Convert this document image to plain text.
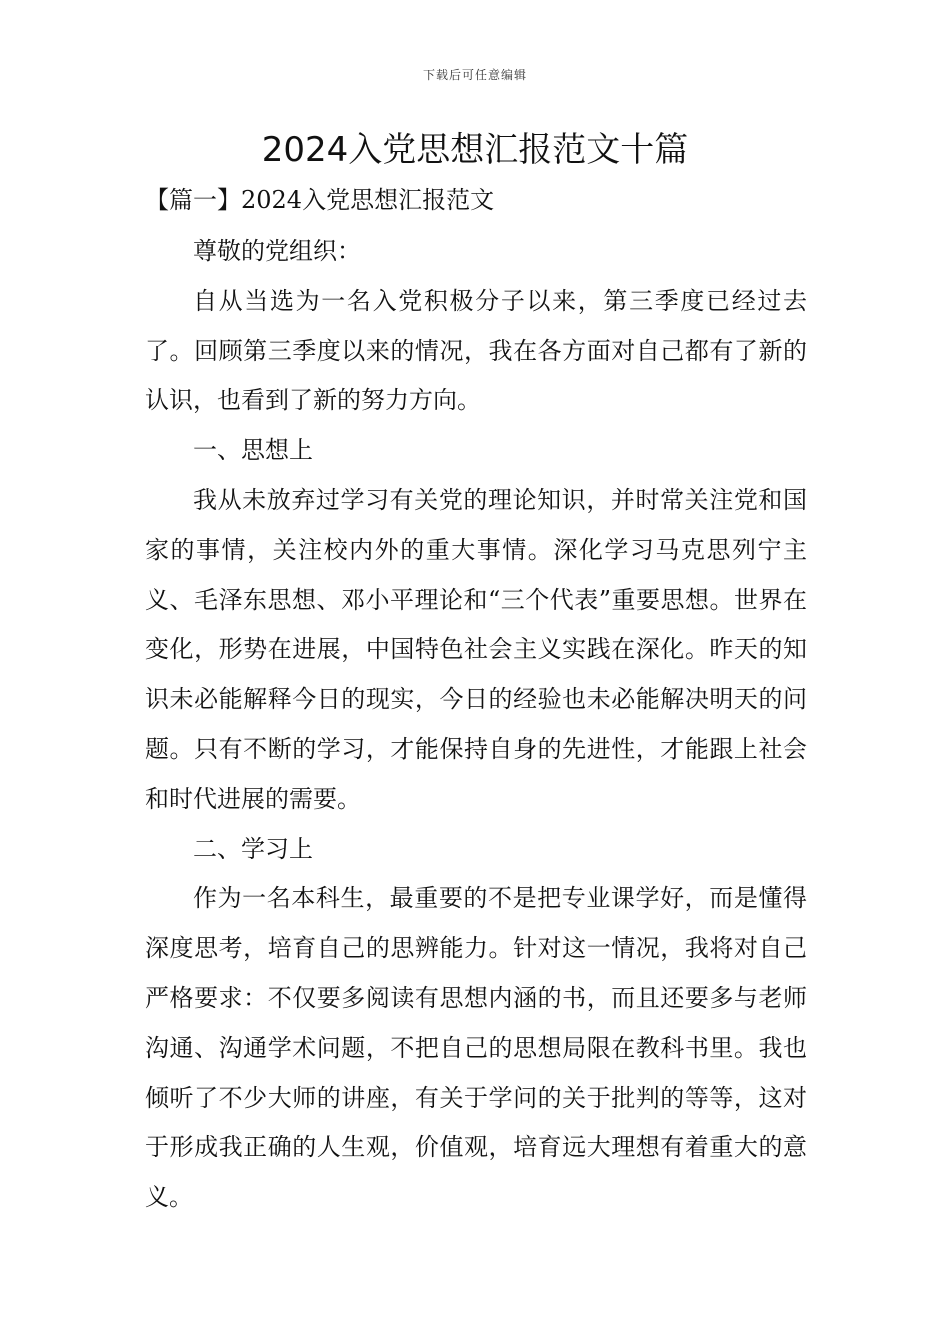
下载后可任意编辑
2024入党思想汇报范文十篇
【篇一】2024入党思想汇报范文

尊敬的党组织：

自从当选为一名入党积极分子以来，第三季度已经过去了。回顾第三季度以来的情况，我在各方面对自己都有了新的认识，也看到了新的努力方向。

一、思想上

我从未放弃过学习有关党的理论知识，并时常关注党和国家的事情，关注校内外的重大事情。深化学习马克思列宁主义、毛泽东思想、邓小平理论和“三个代表”重要思想。世界在变化，形势在进展，中国特色社会主义实践在深化。昨天的知识未必能解释今日的现实，今日的经验也未必能解决明天的问题。只有不断的学习，才能保持自身的先进性，才能跟上社会和时代进展的需要。

二、学习上

作为一名本科生，最重要的不是把专业课学好，而是懂得深度思考，培育自己的思辨能力。针对这一情况，我将对自己严格要求：不仅要多阅读有思想内涵的书，而且还要多与老师沟通、沟通学术问题，不把自己的思想局限在教科书里。我也倾听了不少大师的讲座，有关于学问的关于批判的等等，这对于形成我正确的人生观，价值观，培育远大理想有着重大的意义。
